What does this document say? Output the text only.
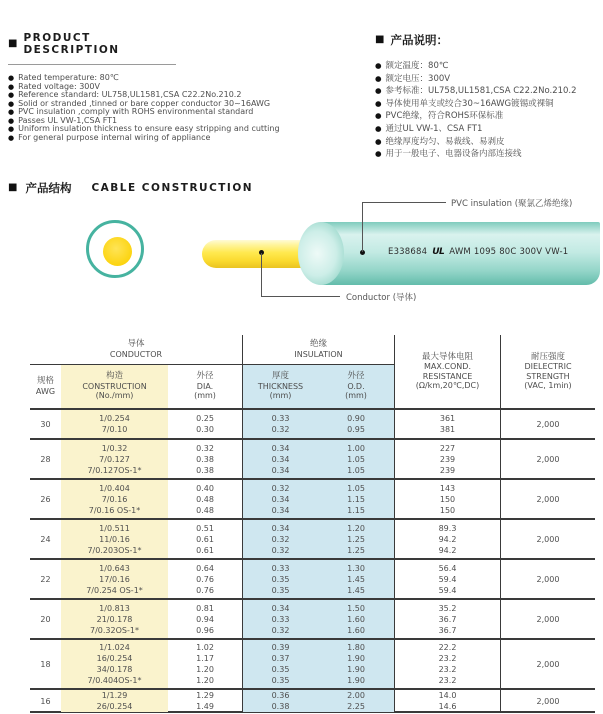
■ PRODUCT DESCRIPTION
● Rated temperature: 80℃
● Rated voltage: 300V
● Reference standard: UL758,UL1581,CSA C22.2No.210.2
● Solid or stranded ,tinned or bare copper conductor 30~16AWG
● PVC insulation ,comply with ROHS environmental standard
● Passes UL VW-1,CSA FT1
● Uniform insulation thickness to ensure easy stripping and cutting
● For general purpose internal wiring of appliance
■ 产品说明：
● 额定温度：80℃
● 额定电压：300V
● 参考标准：UL758,UL1581,CSA C22.2No.210.2
● 导体使用单支或绞合30~16AWG镀锡或裸铜
● PVC绝缘，符合ROHS环保标准
● 通过UL VW-1、CSA FT1
● 绝缘厚度均匀、易裁线、易剥皮
● 用于一般电子、电器设备内部连接线
■ 产品结构 CABLE CONSTRUCTION
E338684 UL AWM 1095 80C 300V VW-1
PVC insulation (聚氯乙烯绝缘)
Conductor (导体)
导体
CONDUCTOR
绝缘
INSULATION
规格
AWG
构造
CONSTRUCTION
(No./mm)
外径
DIA.
(mm)
厚度
THICKNESS
(mm)
外径
O.D.
(mm)
最大导体电阻
MAX.COND.
RESISTANCE
(Ω/km,20℃,DC)
耐压强度
DIELECTRIC
STRENGTH
(VAC, 1min)
30
1/0.254
7/0.10
0.25
0.30
0.33
0.32
0.90
0.95
361
381
2,000
28
1/0.32
7/0.127
7/0.127OS-1*
0.32
0.38
0.38
0.34
0.34
0.34
1.00
1.05
1.05
227
239
239
2,000
26
1/0.404
7/0.16
7/0.16 OS-1*
0.40
0.48
0.48
0.32
0.34
0.34
1.05
1.15
1.15
143
150
150
2,000
24
1/0.511
11/0.16
7/0.203OS-1*
0.51
0.61
0.61
0.34
0.32
0.32
1.20
1.25
1.25
89.3
94.2
94.2
2,000
22
1/0.643
17/0.16
7/0.254 OS-1*
0.64
0.76
0.76
0.33
0.35
0.35
1.30
1.45
1.45
56.4
59.4
59.4
2,000
20
1/0.813
21/0.178
7/0.32OS-1*
0.81
0.94
0.96
0.34
0.33
0.32
1.50
1.60
1.60
35.2
36.7
36.7
2,000
18
1/1.024
16/0.254
34/0.178
7/0.404OS-1*
1.02
1.17
1.20
1.20
0.39
0.37
0.35
0.35
1.80
1.90
1.90
1.90
22.2
23.2
23.2
23.2
2,000
16
1/1.29
26/0.254
1.29
1.49
0.36
0.38
2.00
2.25
14.0
14.6
2,000
